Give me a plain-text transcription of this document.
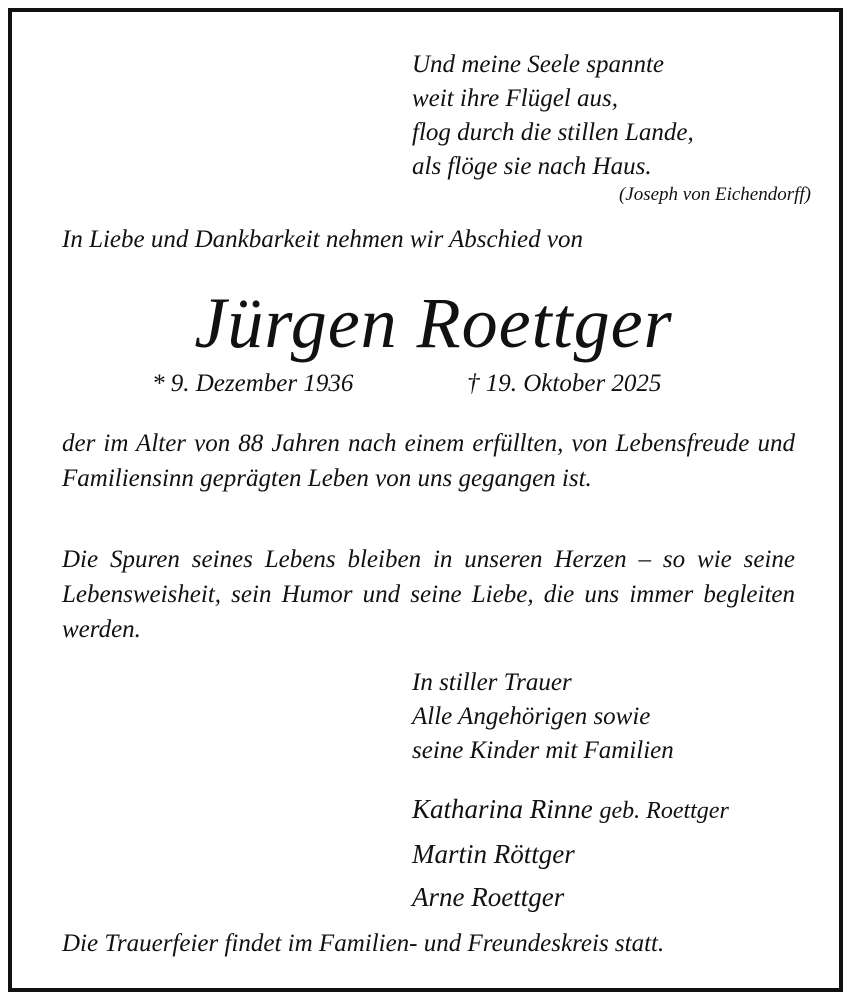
Und meine Seele spannte
weit ihre Flügel aus,
flog durch die stillen Lande,
als flöge sie nach Haus.
(Joseph von Eichendorff)
In Liebe und Dankbarkeit nehmen wir Abschied von
Jürgen Roettger
* 9. Dezember 1936	† 19. Oktober 2025
der im Alter von 88 Jahren nach einem erfüllten, von Lebensfreude und Familiensinn geprägten Leben von uns gegangen ist.
Die Spuren seines Lebens bleiben in unseren Herzen – so wie seine Lebensweisheit, sein Humor und seine Liebe, die uns immer begleiten werden.
In stiller Trauer
Alle Angehörigen sowie
seine Kinder mit Familien
Katharina Rinne geb. Roettger
Martin Röttger
Arne Roettger
Die Trauerfeier findet im Familien- und Freundeskreis statt.
